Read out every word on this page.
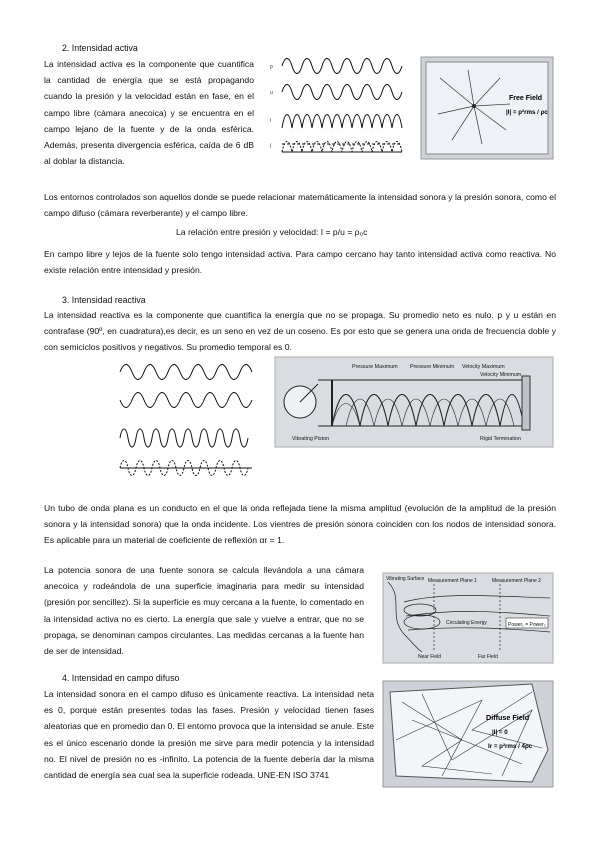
2. Intensidad activa
La intensidad activa es la componente que cuantifica la cantidad de energía que se está propagando cuando la presión y la velocidad están en fase, en el campo libre (cámara anecoica) y se encuentra en el campo lejano de la fuente y de la onda esférica. Además, presenta divergencia esférica, caída de 6 dB al doblar la distancia.
p
u
I
Ī
Free Field
|I| = p²rms / ρc
Los entornos controlados son aquellos donde se puede relacionar matemáticamente la intensidad sonora y la presión sonora, como el campo difuso (cámara reverberante) y el campo libre.
La relación entre presión y velocidad: I = p/u = ρ₀c
En campo libre y lejos de la fuente solo tengo intensidad activa. Para campo cercano hay tanto intensidad activa como reactiva. No existe relación entre intensidad y presión.
3. Intensidad reactiva
La intensidad reactiva es la componente que cuantifica la energía que no se propaga. Su promedio neto es nulo. p y u están en contrafase (90º, en cuadratura),es decir, es un seno en vez de un coseno. Es por esto que se genera una onda de frecuencia doble y con semiciclos positivos y negativos. Su promedio temporal es 0.
Pressure Maximum Pressure Minimum Velocity Maximum
Velocity Minimum
Vibrating Piston	Rigid Termination
Un tubo de onda plana es un conducto en el que la onda reflejada tiene la misma amplitud (evolución de la amplitud de la presión sonora y la intensidad sonora) que la onda incidente. Los vientres de presión sonora coinciden con los nodos de intensidad sonora. Es aplicable para un material de coeficiente de reflexión αr = 1.
La potencia sonora de una fuente sonora se calcula llevándola a una cámara anecoica y rodeándola de una superficie imaginaria para medir su intensidad (presión por sencillez). Si la superficie es muy cercana a la fuente, lo comentado en la intensidad activa no es cierto. La energía que sale y vuelve a entrar, que no se propaga, se denominan campos circulantes. Las medidas cercanas a la fuente han de ser de intensidad.
Vibrating Surface Measurement Plane 1	Measurement Plane 2
Circulating Energy	Power₁ = Power₂
Near Field	Far Field
4. Intensidad en campo difuso
La intensidad sonora en el campo difuso es únicamente reactiva. La intensidad neta es 0, porque están presentes todas las fases. Presión y velocidad tienen fases aleatorias que en promedio dan 0. El entorno provoca que la intensidad se anule. Este es el único escenario donde la presión me sirve para medir potencia y la intensidad no. El nivel de presión no es -infinito. La potencia de la fuente debería dar la misma cantidad de energía sea cual sea la superficie rodeada. UNE-EN ISO 3741
Diffuse Field
|I| = 0
Ir = p²rms / 4ρc
